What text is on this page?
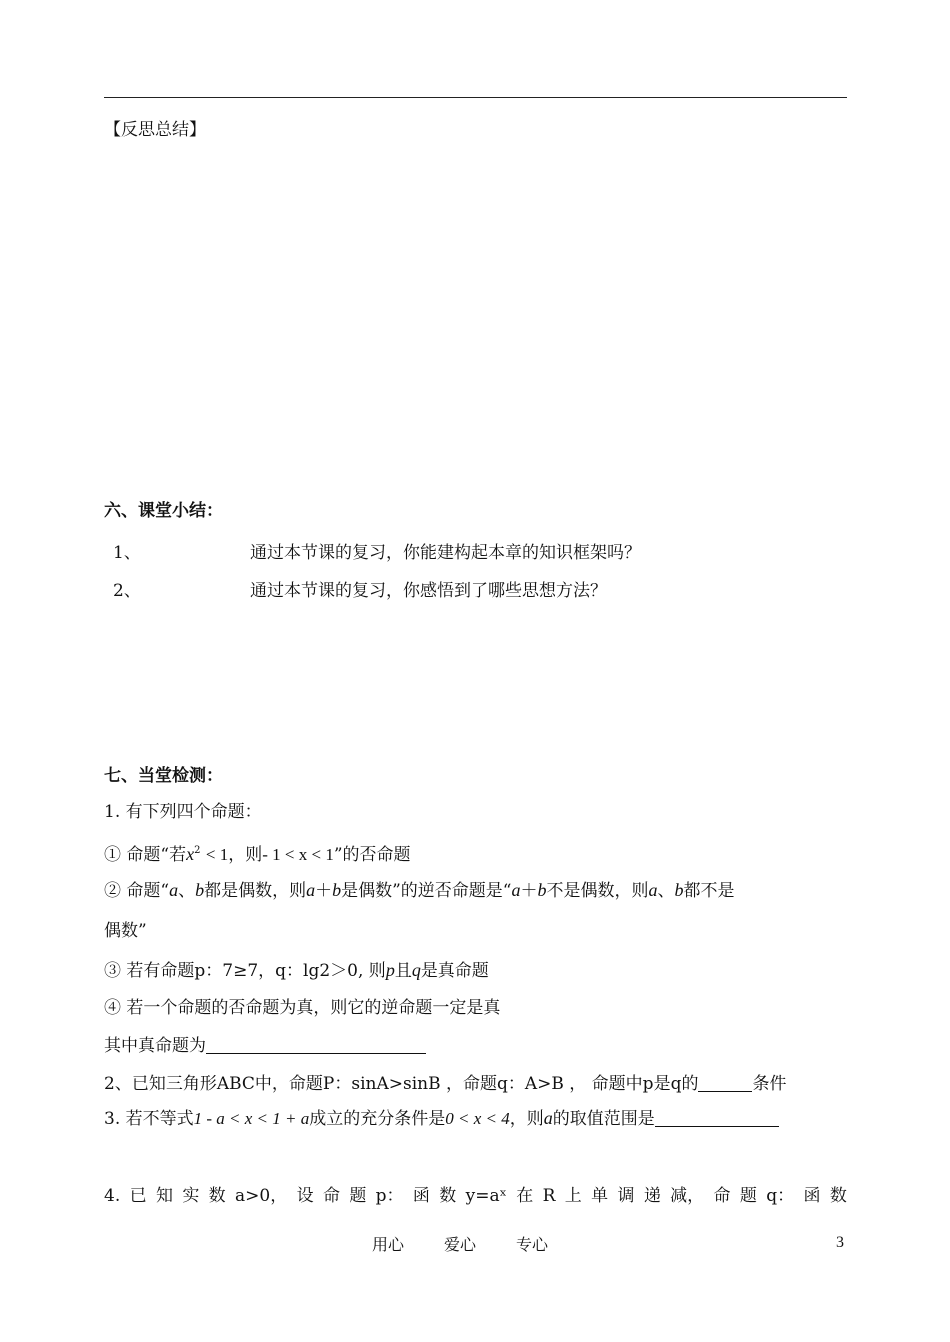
【反思总结】
六、课堂小结：
1、	通过本节课的复习，你能建构起本章的知识框架吗？
2、	通过本节课的复习，你感悟到了哪些思想方法？
七、当堂检测：
1. 有下列四个命题：
① 命题“若$x^2 < 1$，则- 1 < x < 1”的否命题
② 命题“a、b都是偶数，则a＋b是偶数”的逆否命题是“a＋b不是偶数，则a、b都不是
偶数”
③ 若有命题p：7≥7，q：lg2＞0, 则p且q是真命题
④ 若一个命题的否命题为真，则它的逆命题一定是真
其中真命题为
2、已知三角形ABC中，命题P：sinA>sinB ，命题q：A>B ， 命题中p是q的	条件
3. 若不等式1 - a < x < 1 + a成立的充分条件是0 < x < 4，则a的取值范围是
4. 已 知 实 数 a>0， 设 命 题 p： 函 数 y=aˣ 在 R 上 单 调 递 减， 命 题 q： 函 数
用心	爱心	专心	3
